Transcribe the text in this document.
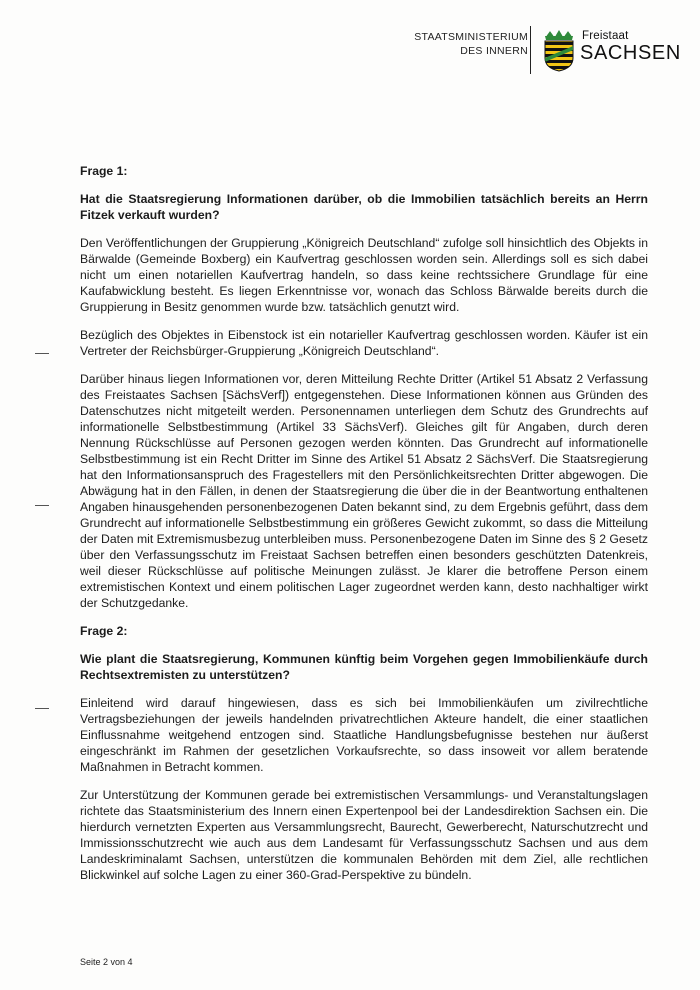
STAATSMINISTERIUM
DES INNERN
Freistaat
SACHSEN

Frage 1:

Hat die Staatsregierung Informationen darüber, ob die Immobilien tatsächlich bereits an Herrn Fitzek verkauft wurden?

Den Veröffentlichungen der Gruppierung „Königreich Deutschland“ zufolge soll hinsichtlich des Objekts in Bärwalde (Gemeinde Boxberg) ein Kaufvertrag geschlossen worden sein. Allerdings soll es sich dabei nicht um einen notariellen Kaufvertrag handeln, so dass keine rechtssichere Grundlage für eine Kaufabwicklung besteht. Es liegen Erkenntnisse vor, wonach das Schloss Bärwalde bereits durch die Gruppierung in Besitz genommen wurde bzw. tatsächlich genutzt wird.

Bezüglich des Objektes in Eibenstock ist ein notarieller Kaufvertrag geschlossen worden. Käufer ist ein Vertreter der Reichsbürger-Gruppierung „Königreich Deutschland“.

Darüber hinaus liegen Informationen vor, deren Mitteilung Rechte Dritter (Artikel 51 Absatz 2 Verfassung des Freistaates Sachsen [SächsVerf]) entgegenstehen. Diese Informationen können aus Gründen des Datenschutzes nicht mitgeteilt werden. Personennamen unterliegen dem Schutz des Grundrechts auf informationelle Selbstbestimmung (Artikel 33 SächsVerf). Gleiches gilt für Angaben, durch deren Nennung Rückschlüsse auf Personen gezogen werden könnten. Das Grundrecht auf informationelle Selbstbestimmung ist ein Recht Dritter im Sinne des Artikel 51 Absatz 2 SächsVerf. Die Staatsregierung hat den Informationsanspruch des Fragestellers mit den Persönlichkeitsrechten Dritter abgewogen. Die Abwägung hat in den Fällen, in denen der Staatsregierung die über die in der Beantwortung enthaltenen Angaben hinausgehenden personenbezogenen Daten bekannt sind, zu dem Ergebnis geführt, dass dem Grundrecht auf informationelle Selbstbestimmung ein größeres Gewicht zukommt, so dass die Mitteilung der Daten mit Extremismusbezug unterbleiben muss. Personenbezogene Daten im Sinne des § 2 Gesetz über den Verfassungsschutz im Freistaat Sachsen betreffen einen besonders geschützten Datenkreis, weil dieser Rückschlüsse auf politische Meinungen zulässt. Je klarer die betroffene Person einem extremistischen Kontext und einem politischen Lager zugeordnet werden kann, desto nachhaltiger wirkt der Schutzgedanke.

Frage 2:

Wie plant die Staatsregierung, Kommunen künftig beim Vorgehen gegen Immobilienkäufe durch Rechtsextremisten zu unterstützen?

Einleitend wird darauf hingewiesen, dass es sich bei Immobilienkäufen um zivilrechtliche Vertragsbeziehungen der jeweils handelnden privatrechtlichen Akteure handelt, die einer staatlichen Einflussnahme weitgehend entzogen sind. Staatliche Handlungsbefugnisse bestehen nur äußerst eingeschränkt im Rahmen der gesetzlichen Vorkaufsrechte, so dass insoweit vor allem beratende Maßnahmen in Betracht kommen.

Zur Unterstützung der Kommunen gerade bei extremistischen Versammlungs- und Veranstaltungslagen richtete das Staatsministerium des Innern einen Expertenpool bei der Landesdirektion Sachsen ein. Die hierdurch vernetzten Experten aus Versammlungsrecht, Baurecht, Gewerberecht, Naturschutzrecht und Immissionsschutzrecht wie auch aus dem Landesamt für Verfassungsschutz Sachsen und aus dem Landeskriminalamt Sachsen, unterstützen die kommunalen Behörden mit dem Ziel, alle rechtlichen Blickwinkel auf solche Lagen zu einer 360-Grad-Perspektive zu bündeln.

Seite 2 von 4
